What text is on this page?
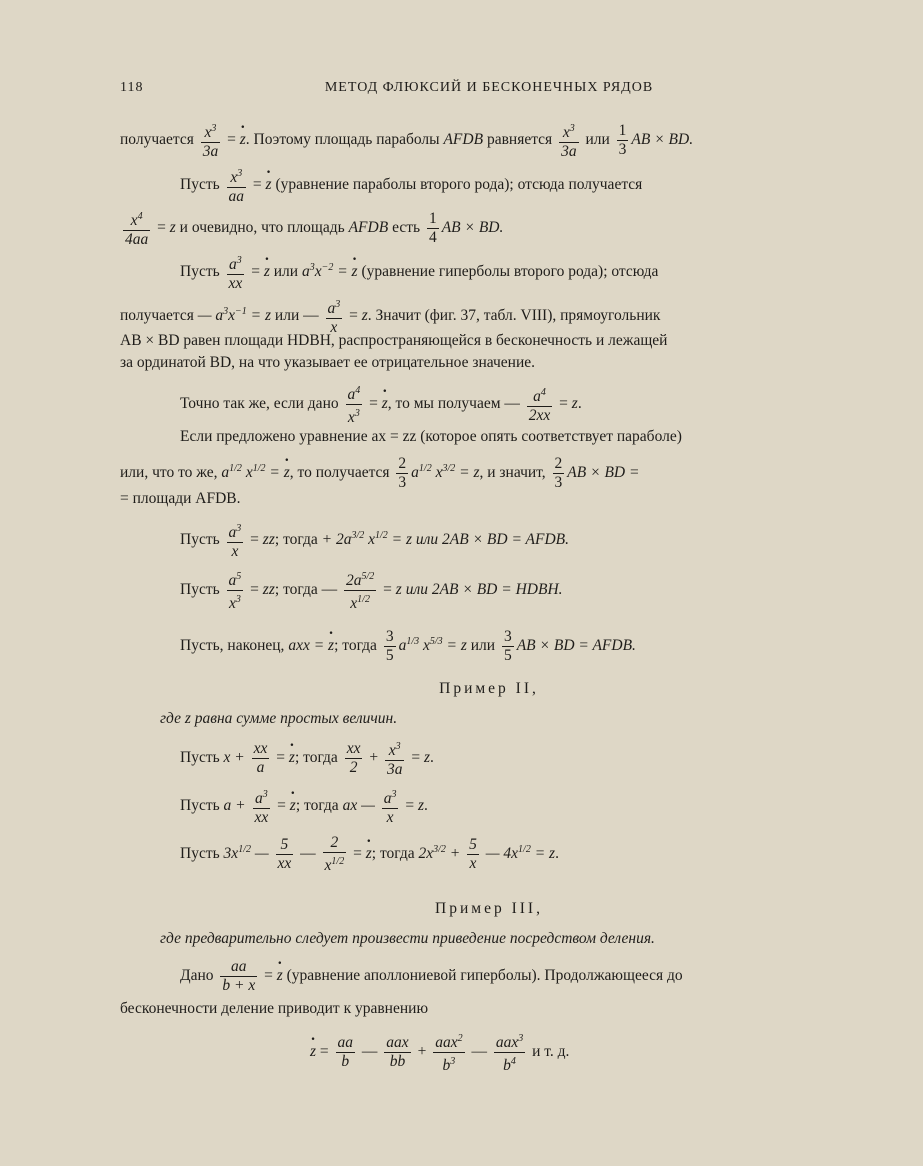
118	МЕТОД ФЛЮКСИЙ И БЕСКОНЕЧНЫХ РЯДОВ
получается $\frac{x^3}{3a}$ = · z. Поэтому площадь параболы AFDB равняется $\frac{x^3}{3a}$ или $\frac{1}{3}$ AB × BD.
Пусть $\frac{x^3}{aa}$ = · z (уравнение параболы второго рода); отсюда получается
$\frac{x^4}{4aa} = z$ и очевидно, что площадь AFDB есть $\frac{1}{4}$ AB × BD.
Пусть $\frac{a^3}{xx}$ = · z или $a^3x^{-2}$ = · z (уравнение гиперболы второго рода); отсюда
получается — $a^3x^{-1} = z$ или — $\frac{a^3}{x} = z$. Значит (фиг. 37, табл. VIII), прямоугольник
AB × BD равен площади HDBH, распространяющейся в бесконечность и лежащей
за ординатой BD, на что указывает ее отрицательное значение.
Точно так же, если дано $\frac{a^4}{x^3}$ = · z, то мы получаем — $\frac{a^4}{2xx} = z$.
Если предложено уравнение ax = zz (которое опять соответствует параболе)
или, что то же, $a^{1/2}$ $x^{1/2}$ = · z, то получается $\frac{2}{3} a^{1/2}$ $x^{3/2} = z$, и значит, $\frac{2}{3}$ AB × BD =
= площади AFDB.
Пусть $\frac{a^3}{x}$ = zz; тогда + $2a^{3/2}$ $x^{1/2} = z$ или 2AB × BD = AFDB.
Пусть $\frac{a^5}{x^3}$ = zz; тогда — $\frac{2a^{5/2}}{x^{1/2}} = z$ или 2AB × BD = HDBH.
Пусть, наконец, axx = · z; тогда $\frac{3}{5} a^{1/3}$ $x^{5/3} = z$ или $\frac{3}{5}$ AB × BD = AFDB.
Пример II,
где z равна сумме простых величин.
Пусть $x + \frac{xx}{a}$ = · z; тогда $\frac{xx}{2} + \frac{x^3}{3a} = z$.
Пусть $a + \frac{a^3}{xx}$ = · z; тогда ax — $\frac{a^3}{x} = z$.
Пусть $3x^{1/2}$ — $\frac{5}{xx}$ — $\frac{2}{x^{1/2}}$ = · z; тогда $2x^{3/2} + \frac{5}{x}$ — $4x^{1/2} = z$.
Пример III,
где предварительно следует произвести приведение посредством деления.
Дано $\frac{aa}{b + x}$ = · z (уравнение аполлониевой гиперболы). Продолжающееся до
бесконечности деление приводит к уравнению
· $z = \frac{aa}{b}$ —
aax
bb
+
aax$^2$
$b^3$
—
aax$^3$
$b^4$
и т. д.
